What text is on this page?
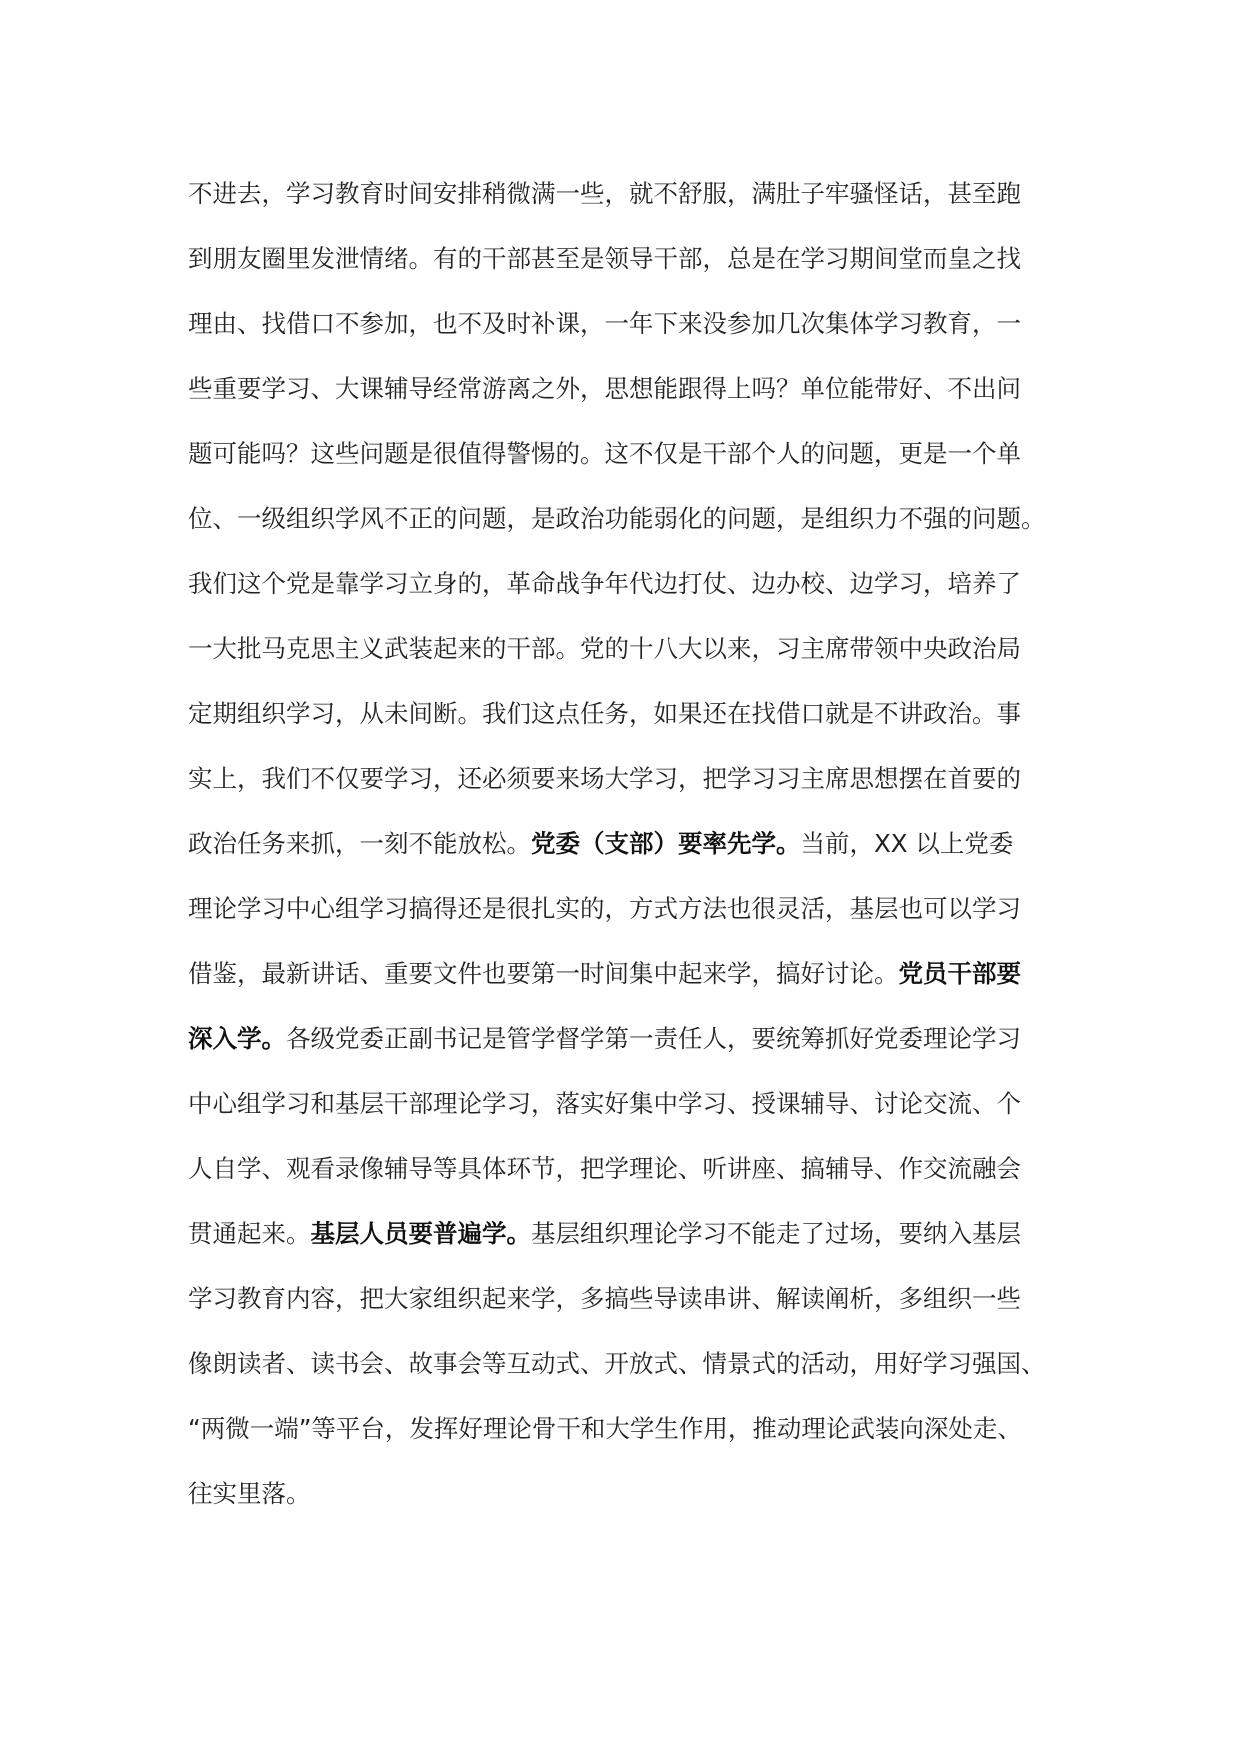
不进去，学习教育时间安排稍微满一些，就不舒服，满肚子牢骚怪话，甚至跑
到朋友圈里发泄情绪。有的干部甚至是领导干部，总是在学习期间堂而皇之找
理由、找借口不参加，也不及时补课，一年下来没参加几次集体学习教育，一
些重要学习、大课辅导经常游离之外，思想能跟得上吗？单位能带好、不出问
题可能吗？这些问题是很值得警惕的。这不仅是干部个人的问题，更是一个单
位、一级组织学风不正的问题，是政治功能弱化的问题，是组织力不强的问题。
我们这个党是靠学习立身的，革命战争年代边打仗、边办校、边学习，培养了
一大批马克思主义武装起来的干部。党的十八大以来，习主席带领中央政治局
定期组织学习，从未间断。我们这点任务，如果还在找借口就是不讲政治。事
实上，我们不仅要学习，还必须要来场大学习，把学习习主席思想摆在首要的
政治任务来抓，一刻不能放松。党委（支部）要率先学。当前，XX 以上党委
理论学习中心组学习搞得还是很扎实的，方式方法也很灵活，基层也可以学习
借鉴，最新讲话、重要文件也要第一时间集中起来学，搞好讨论。党员干部要
深入学。各级党委正副书记是管学督学第一责任人，要统筹抓好党委理论学习
中心组学习和基层干部理论学习，落实好集中学习、授课辅导、讨论交流、个
人自学、观看录像辅导等具体环节，把学理论、听讲座、搞辅导、作交流融会
贯通起来。基层人员要普遍学。基层组织理论学习不能走了过场，要纳入基层
学习教育内容，把大家组织起来学，多搞些导读串讲、解读阐析，多组织一些
像朗读者、读书会、故事会等互动式、开放式、情景式的活动，用好学习强国、
“两微一端”等平台，发挥好理论骨干和大学生作用，推动理论武装向深处走、
往实里落。
